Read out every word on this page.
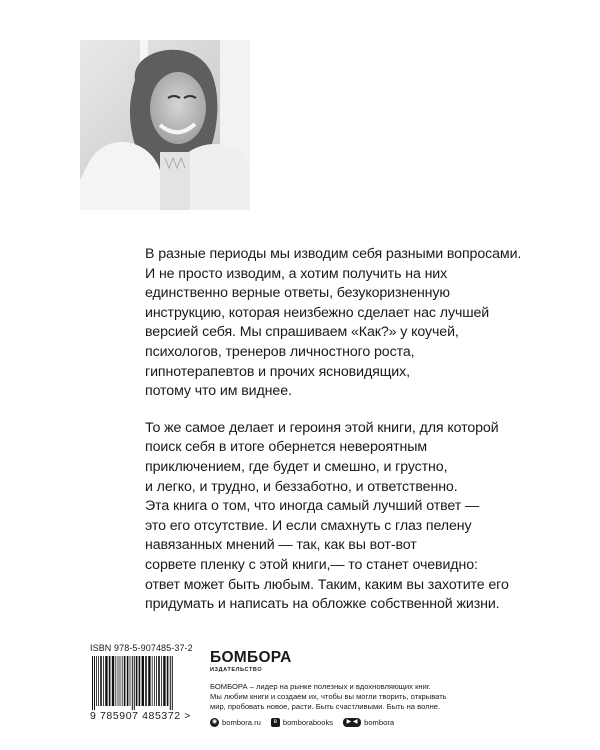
В разные периоды мы изводим себя разными вопросами.
И не просто изводим, а хотим получить на них
единственно верные ответы, безукоризненную
инструкцию, которая неизбежно сделает нас лучшей
версией себя. Мы спрашиваем «Как?» у коучей,
психологов, тренеров личностного роста,
гипнотерапевтов и прочих ясновидящих,
потому что им виднее.

То же самое делает и героиня этой книги, для которой
поиск себя в итоге обернется невероятным
приключением, где будет и смешно, и грустно,
и легко, и трудно, и беззаботно, и ответственно.
Эта книга о том, что иногда самый лучший ответ —
это его отсутствие. И если смахнуть с глаз пелену
навязанных мнений — так, как вы вот-вот
сорвете пленку с этой книги,— то станет очевидно:
ответ может быть любым. Таким, каким вы захотите его
придумать и написать на обложке собственной жизни.

ISBN 978-5-907485-37-2
9 785907 485372 >
БОМБОРА
ИЗДАТЕЛЬСТВО
БОМБОРА – лидер на рынке полезных и вдохновляющих книг.
Мы любим книги и создаем их, чтобы вы могли творить, открывать
мир, пробовать новое, расти. Быть счастливыми. Быть на волне.
◉ bombora.ru	в bomborabooks	▶ ◀ bombora
